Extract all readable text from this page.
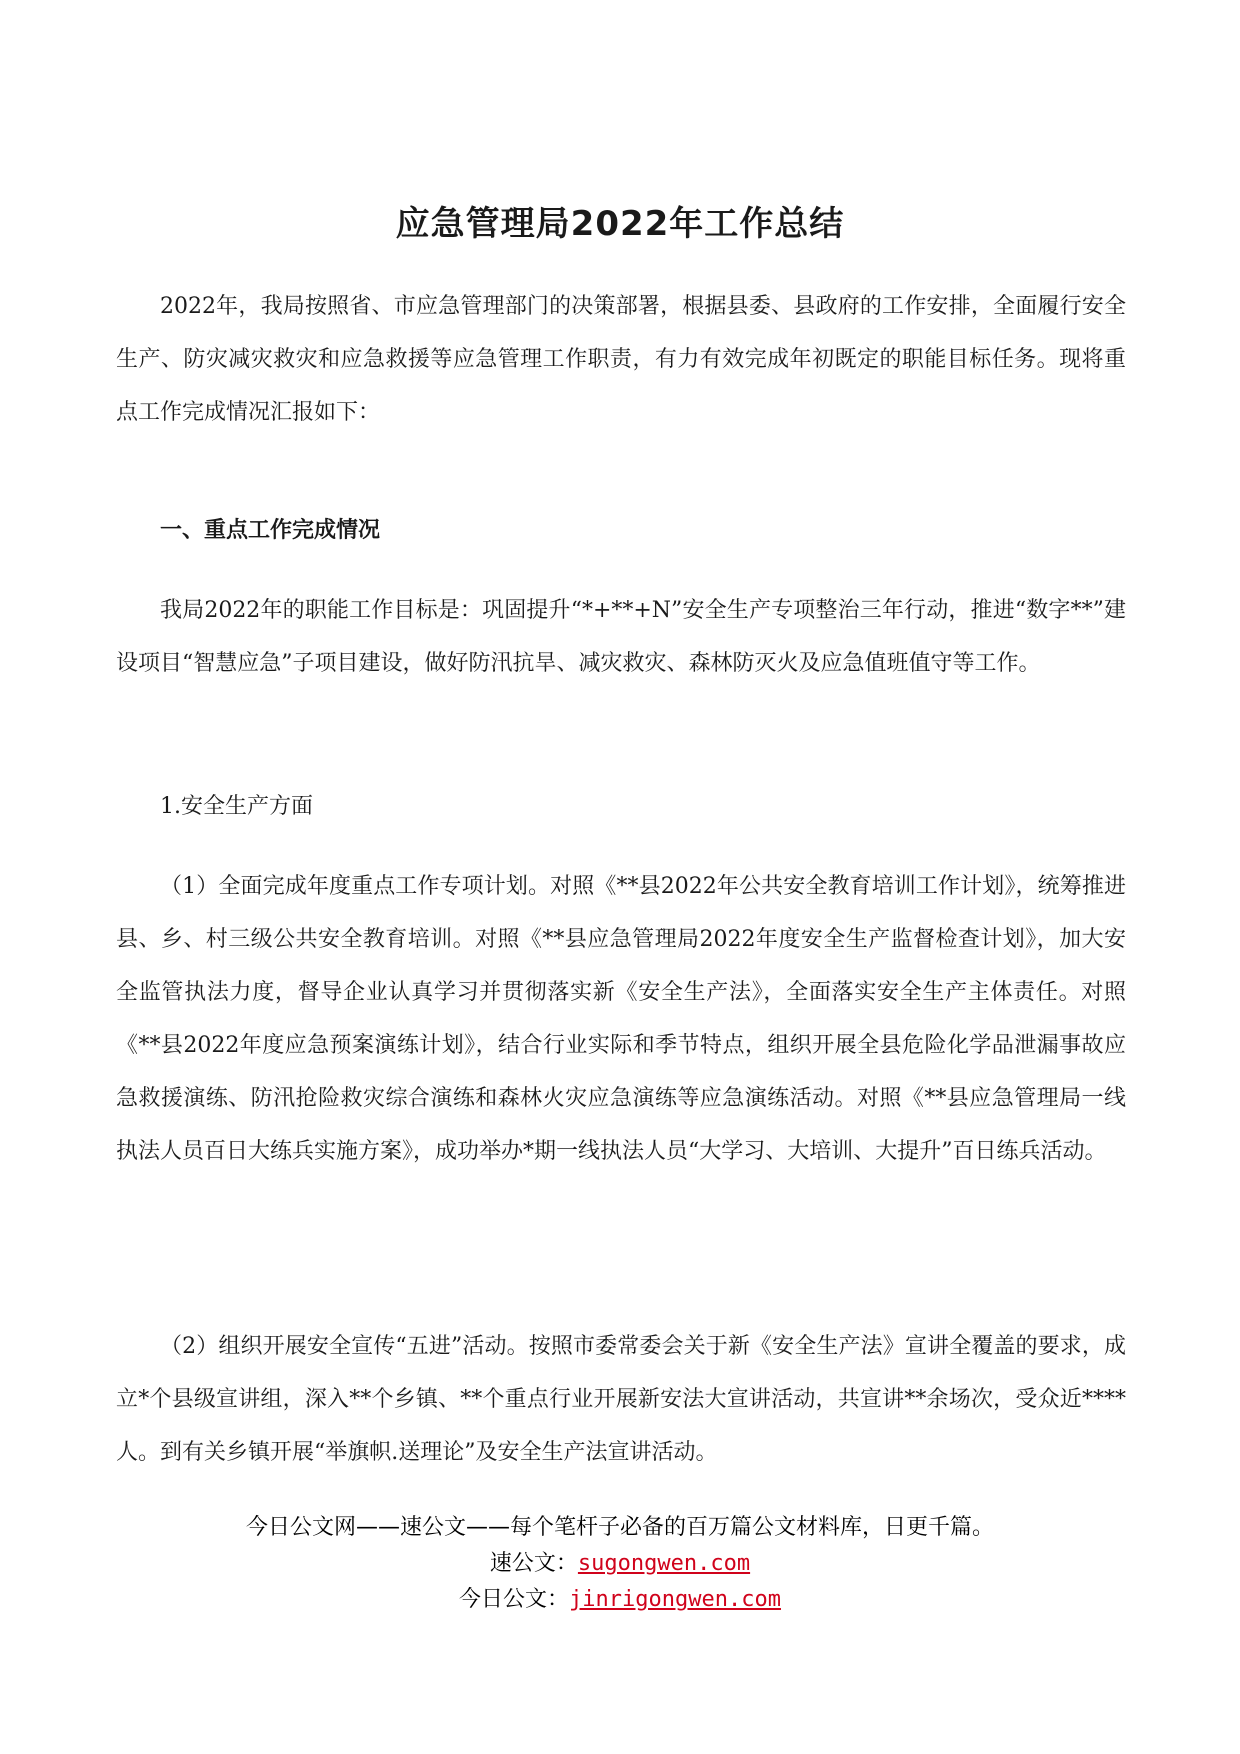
应急管理局2022年工作总结

2022年，我局按照省、市应急管理部门的决策部署，根据县委、县政府的工作安排，全面履行安全生产、防灾减灾救灾和应急救援等应急管理工作职责，有力有效完成年初既定的职能目标任务。现将重点工作完成情况汇报如下：

一、重点工作完成情况

我局2022年的职能工作目标是：巩固提升“*+**+N”安全生产专项整治三年行动，推进“数字**”建设项目“智慧应急”子项目建设，做好防汛抗旱、减灾救灾、森林防灭火及应急值班值守等工作。

1.安全生产方面

（1）全面完成年度重点工作专项计划。对照《**县2022年公共安全教育培训工作计划》，统筹推进县、乡、村三级公共安全教育培训。对照《**县应急管理局2022年度安全生产监督检查计划》，加大安全监管执法力度，督导企业认真学习并贯彻落实新《安全生产法》，全面落实安全生产主体责任。对照《**县2022年度应急预案演练计划》，结合行业实际和季节特点，组织开展全县危险化学品泄漏事故应急救援演练、防汛抢险救灾综合演练和森林火灾应急演练等应急演练活动。对照《**县应急管理局一线执法人员百日大练兵实施方案》，成功举办*期一线执法人员“大学习、大培训、大提升”百日练兵活动。

（2）组织开展安全宣传“五进”活动。按照市委常委会关于新《安全生产法》宣讲全覆盖的要求，成立*个县级宣讲组，深入**个乡镇、**个重点行业开展新安法大宣讲活动，共宣讲**余场次，受众近****人。到有关乡镇开展“举旗帜.送理论”及安全生产法宣讲活动。

今日公文网——速公文——每个笔杆子必备的百万篇公文材料库，日更千篇。
速公文：sugongwen.com
今日公文：jinrigongwen.com
